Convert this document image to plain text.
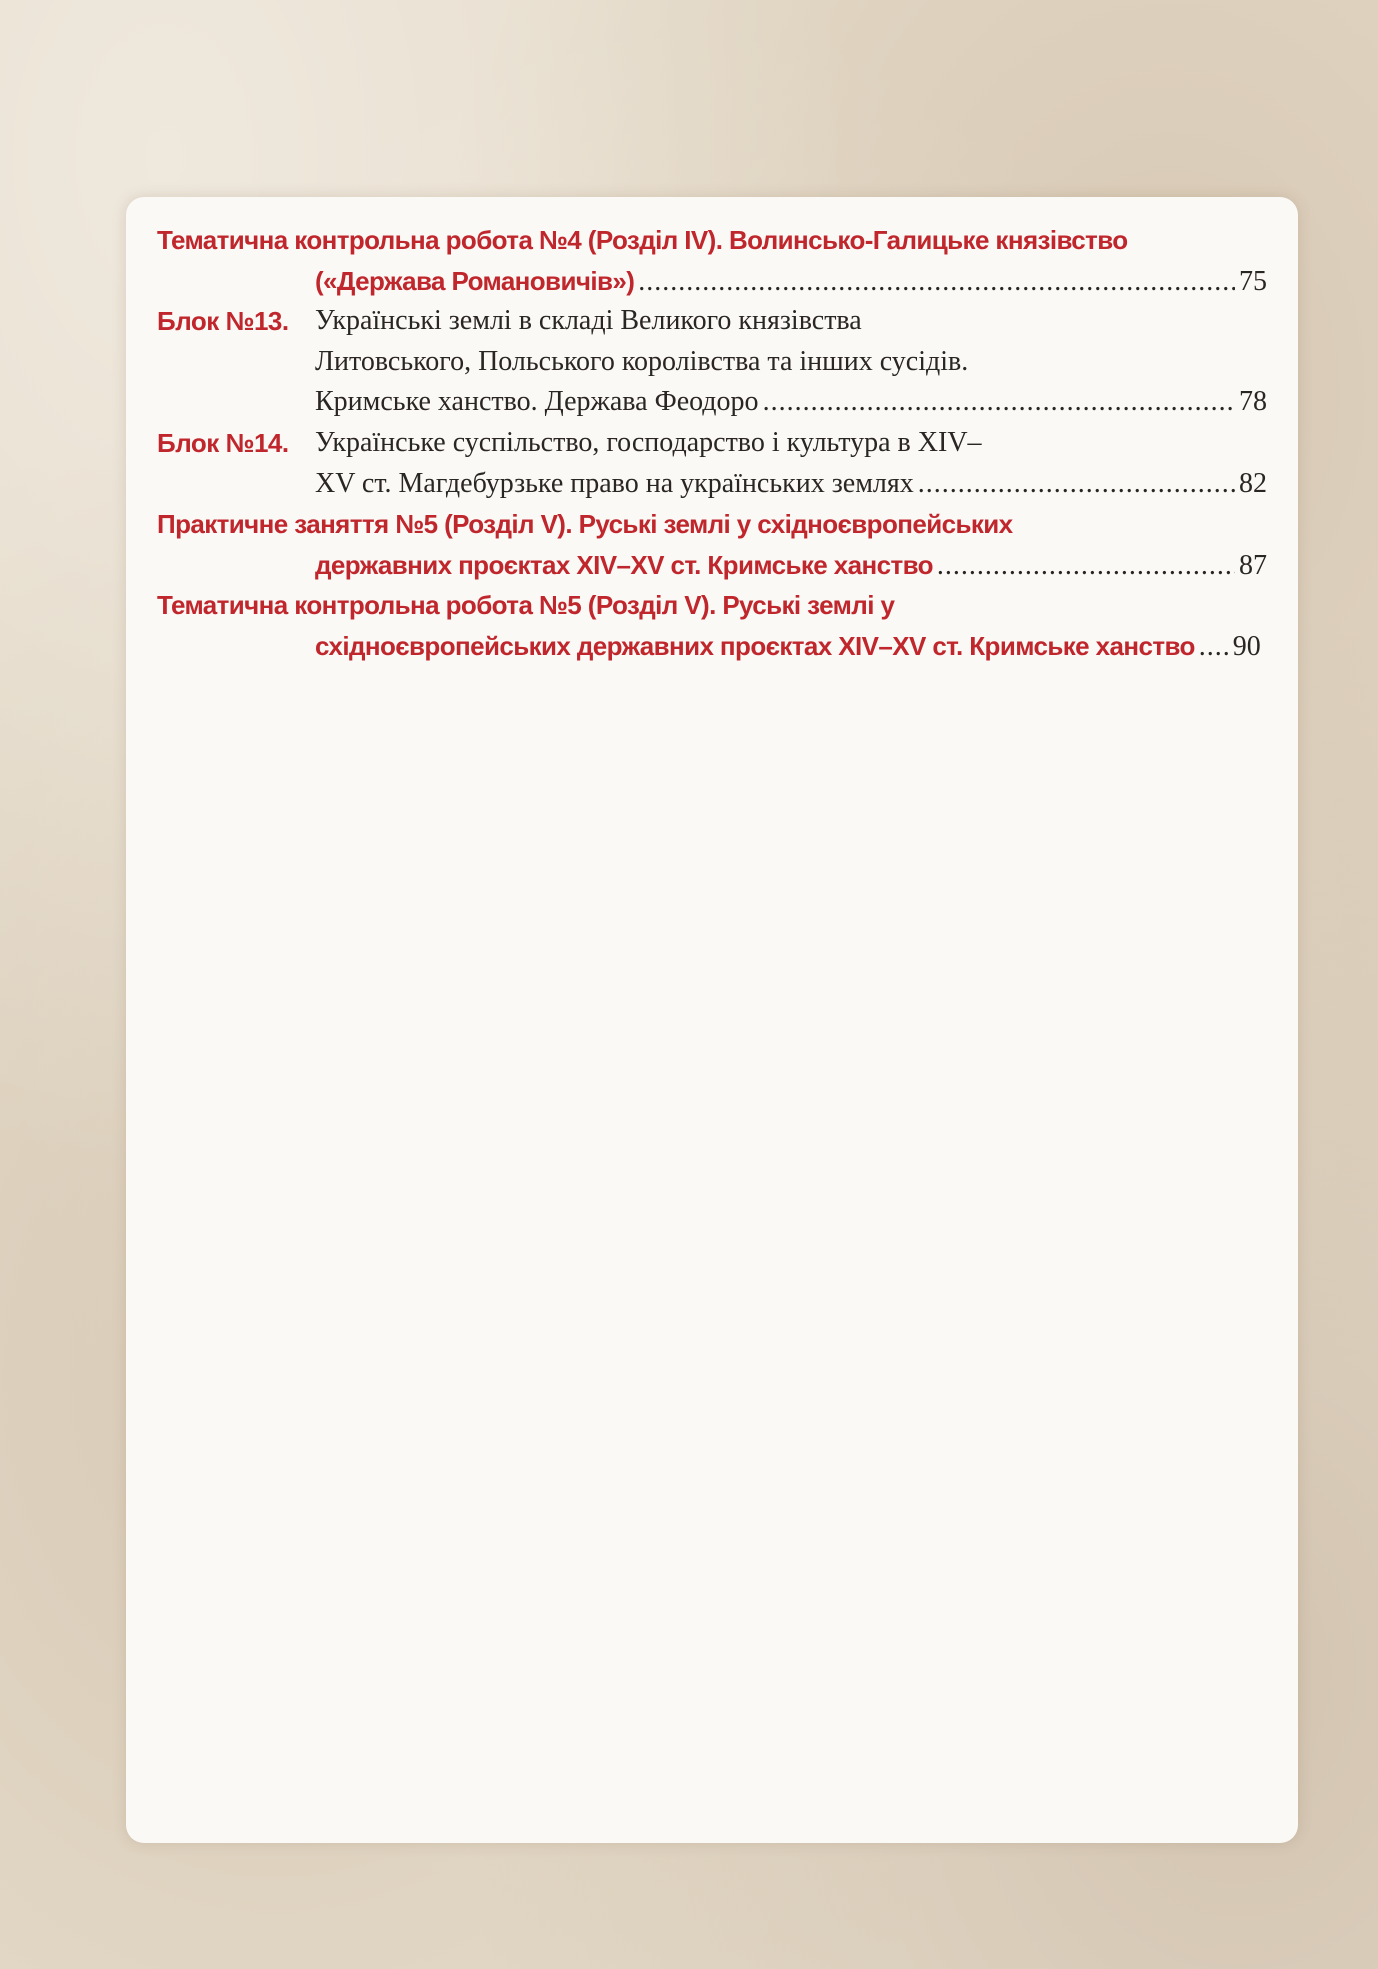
Тематична контрольна робота №4 (Розділ ІV). Волинсько-Галицьке князівство
(«Держава Романовичів») .....	75
Блок №13. Українські землі в складі Великого князівства
Литовського, Польського королівства та інших сусідів.
Кримське ханство. Держава Феодоро .....	78
Блок №14. Українське суспільство, господарство і культура в XIV–
XV ст. Магдебурзьке право на українських землях .....	82
Практичне заняття №5 (Розділ V). Руські землі у східноєвропейських
державних проєктах XIV–XV ст. Кримське ханство .....	87
Тематична контрольна робота №5 (Розділ V). Руські землі у
східноєвропейських державних проєктах XIV–XV ст. Кримське ханство ..... 90
